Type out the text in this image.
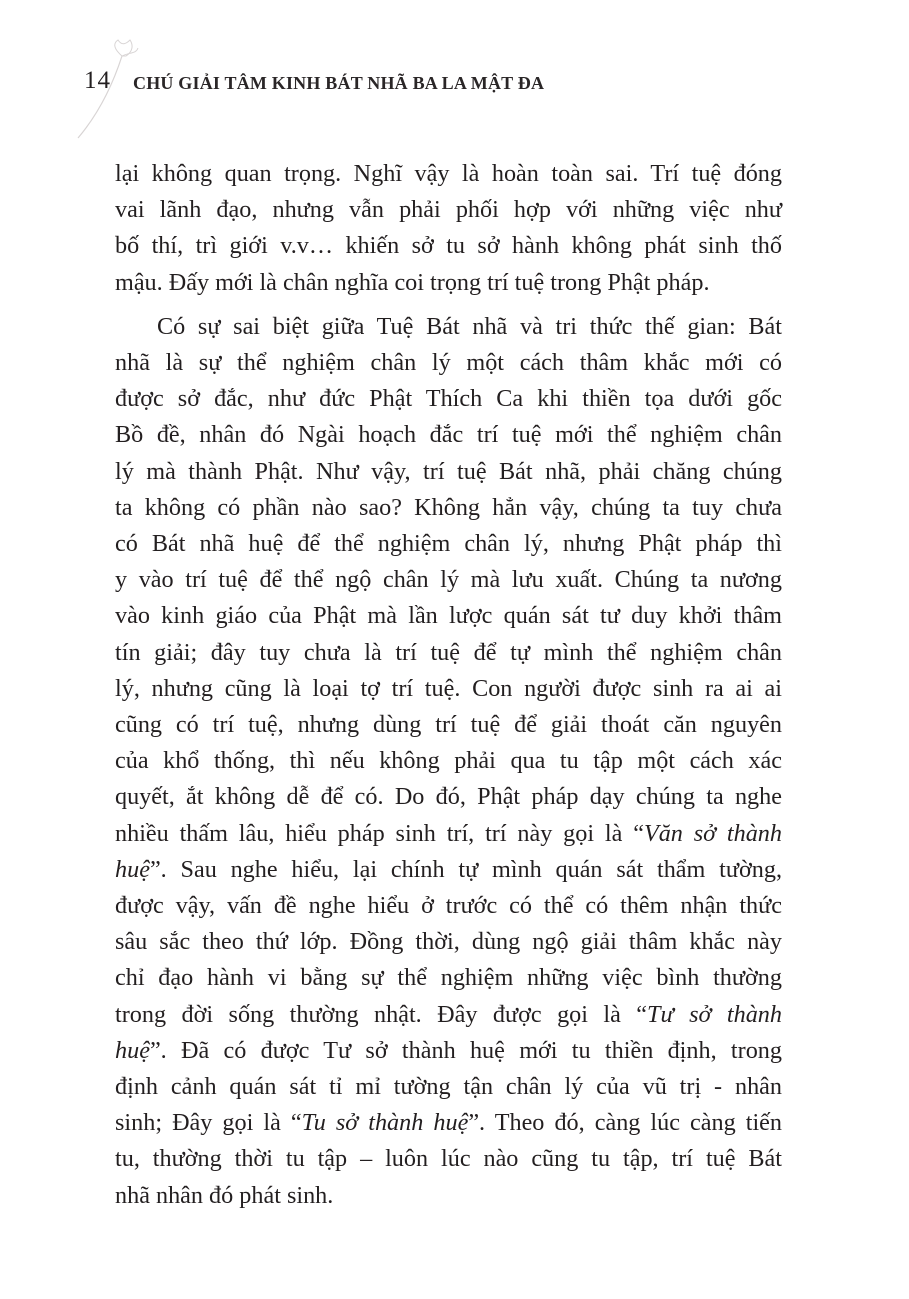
14 CHÚ GIẢI TÂM KINH BÁT NHÃ BA LA MẬT ĐA

lại không quan trọng. Nghĩ vậy là hoàn toàn sai. Trí tuệ đóng
vai lãnh đạo, nhưng vẫn phải phối hợp với những việc như
bố thí, trì giới v.v… khiến sở tu sở hành không phát sinh thố
mậu. Đấy mới là chân nghĩa coi trọng trí tuệ trong Phật pháp.

Có sự sai biệt giữa Tuệ Bát nhã và tri thức thế gian: Bát
nhã là sự thể nghiệm chân lý một cách thâm khắc mới có
được sở đắc, như đức Phật Thích Ca khi thiền tọa dưới gốc
Bồ đề, nhân đó Ngài hoạch đắc trí tuệ mới thể nghiệm chân
lý mà thành Phật. Như vậy, trí tuệ Bát nhã, phải chăng chúng
ta không có phần nào sao? Không hẳn vậy, chúng ta tuy chưa
có Bát nhã huệ để thể nghiệm chân lý, nhưng Phật pháp thì
y vào trí tuệ để thể ngộ chân lý mà lưu xuất. Chúng ta nương
vào kinh giáo của Phật mà lần lược quán sát tư duy khởi thâm
tín giải; đây tuy chưa là trí tuệ để tự mình thể nghiệm chân
lý, nhưng cũng là loại tợ trí tuệ. Con người được sinh ra ai ai
cũng có trí tuệ, nhưng dùng trí tuệ để giải thoát căn nguyên
của khổ thống, thì nếu không phải qua tu tập một cách xác
quyết, ắt không dễ để có. Do đó, Phật pháp dạy chúng ta nghe
nhiều thấm lâu, hiểu pháp sinh trí, trí này gọi là “Văn sở thành
huệ”. Sau nghe hiểu, lại chính tự mình quán sát thẩm tường,
được vậy, vấn đề nghe hiểu ở trước có thể có thêm nhận thức
sâu sắc theo thứ lớp. Đồng thời, dùng ngộ giải thâm khắc này
chỉ đạo hành vi bằng sự thể nghiệm những việc bình thường
trong đời sống thường nhật. Đây được gọi là “Tư sở thành
huệ”. Đã có được Tư sở thành huệ mới tu thiền định, trong
định cảnh quán sát tỉ mỉ tường tận chân lý của vũ trị - nhân
sinh; Đây gọi là “Tu sở thành huệ”. Theo đó, càng lúc càng tiến
tu, thường thời tu tập – luôn lúc nào cũng tu tập, trí tuệ Bát
nhã nhân đó phát sinh.
